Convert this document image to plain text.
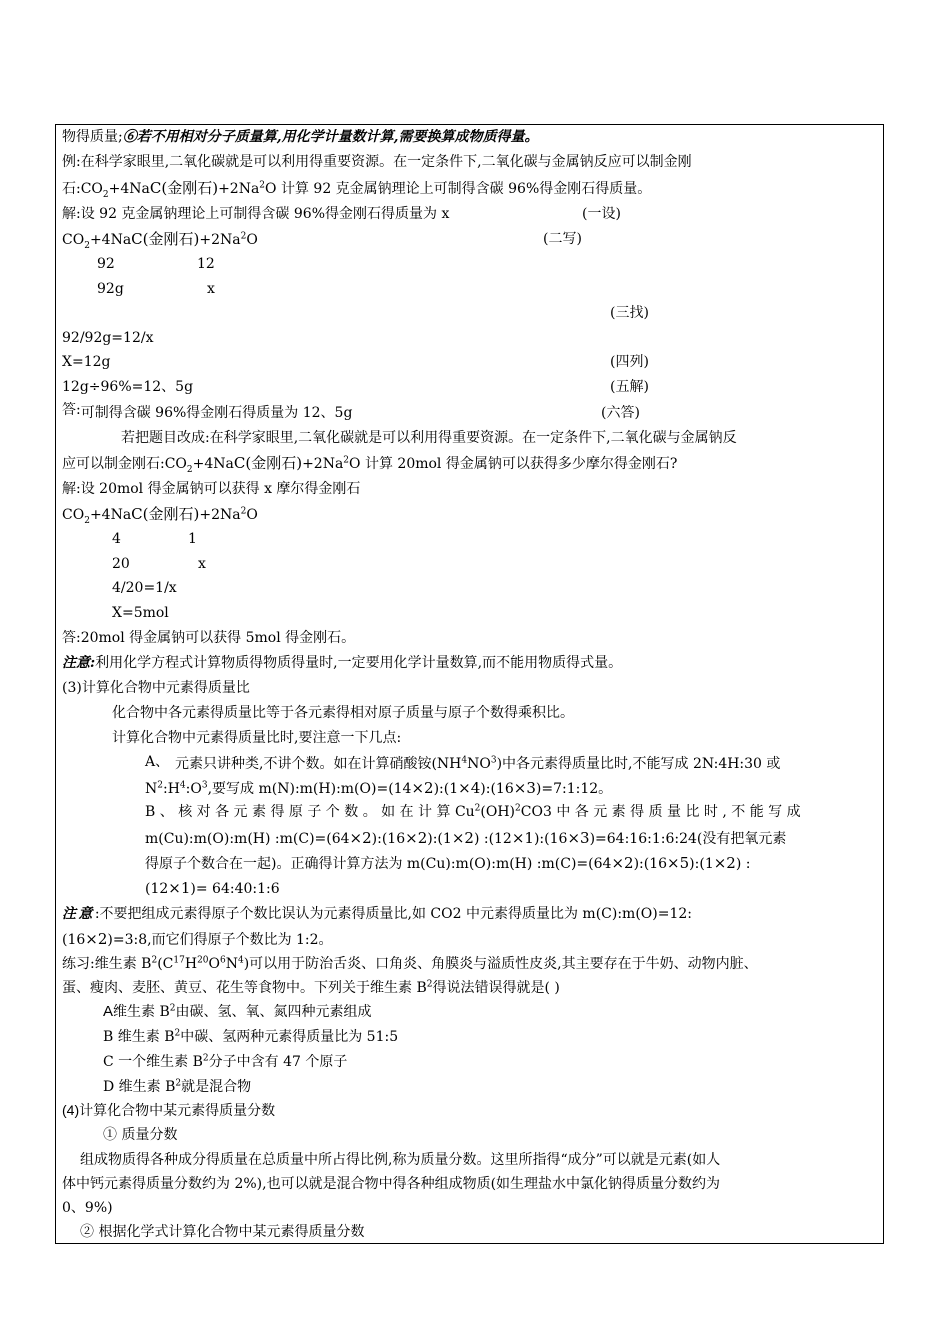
物得质量;⑥若不用相对分子质量算,用化学计量数计算,需要换算成物质得量。
例:在科学家眼里,二氧化碳就是可以利用得重要资源。在一定条件下,二氧化碳与金属钠反应可以制金刚
石$:CO_2+4NaC$(金刚石)$+2Na^2O$ 计算 92 克金属钠理论上可制得含碳 96%得金刚石得质量。
解:设 92 克金属钠理论上可制得含碳 96%得金刚石得质量为 x	(一设)
$CO_2+4NaC$(金刚石)$+2Na^2O$	(二写)
92	12
92g	x
(三找)
92/92g=12/x
X=12g	(四列)
12g÷96%=12、5g	(五解)
答:可制得含碳 96%得金刚石得质量为 12、5g	(六答)
若把题目改成:在科学家眼里,二氧化碳就是可以利用得重要资源。在一定条件下,二氧化碳与金属钠反
应可以制金刚石$:CO_2+4NaC$(金刚石)$+2Na^2O$ 计算 20mol 得金属钠可以获得多少摩尔得金刚石?
解:设 20mol 得金属钠可以获得 x 摩尔得金刚石
$CO_2+4NaC$(金刚石)$+2Na^2O$
4	1
20	x
4/20=1/x
X=5mol
答:20mol 得金属钠可以获得 5mol 得金刚石。
注意:利用化学方程式计算物质得物质得量时,一定要用化学计量数算,而不能用物质得式量。
(3)计算化合物中元素得质量比
化合物中各元素得质量比等于各元素得相对原子质量与原子个数得乘积比。
计算化合物中元素得质量比时,要注意一下几点:
A、 元素只讲种类,不讲个数。如在计算硝酸铵$(NH^4NO^3)$中各元素得质量比时,不能写成 2N:4H:30 或
$N^2:H^4:O^3$,要写成 m(N):m(H):m(O)=(14×2):(1×4):(16×3)=7:1:12。
B 、 核 对 各 元 素 得 原 子 个 数 。 如 在 计 算 Cu$^2$(OH)$^2$CO3 中 各 元 素 得 质 量 比 时 , 不 能 写 成
m(Cu):m(O):m(H) :m(C)=(64×2):(16×2):(1×2) :(12×1):(16×3)=64:16:1:6:24(没有把氧元素
得原子个数合在一起)。正确得计算方法为 m(Cu):m(O):m(H) :m(C)=(64×2):(16×5):(1×2) :
(12×1)= 64:40:1:6
注意:不要把组成元素得原子个数比误认为元素得质量比,如 CO2 中元素得质量比为 m(C):m(O)=12:
(16×2)=3:8,而它们得原子个数比为 1:2。
练习:维生素 $B^2(C^{17}H^{20}O^6N^4)$可以用于防治舌炎、口角炎、角膜炎与溢质性皮炎,其主要存在于牛奶、动物内脏、
蛋、瘦肉、麦胚、黄豆、花生等食物中。下列关于维生素 $B^2$得说法错误得就是( )
A维生素 $B^2$由碳、氢、氧、氮四种元素组成
B 维生素 $B^2$中碳、氢两种元素得质量比为 51:5
C 一个维生素 $B^2$分子中含有 47 个原子
D 维生素 $B^2$就是混合物
(4)计算化合物中某元素得质量分数
① 质量分数
组成物质得各种成分得质量在总质量中所占得比例,称为质量分数。这里所指得“成分”可以就是元素(如人
体中钙元素得质量分数约为 2%),也可以就是混合物中得各种组成物质(如生理盐水中氯化钠得质量分数约为
0、9%)
② 根据化学式计算化合物中某元素得质量分数
